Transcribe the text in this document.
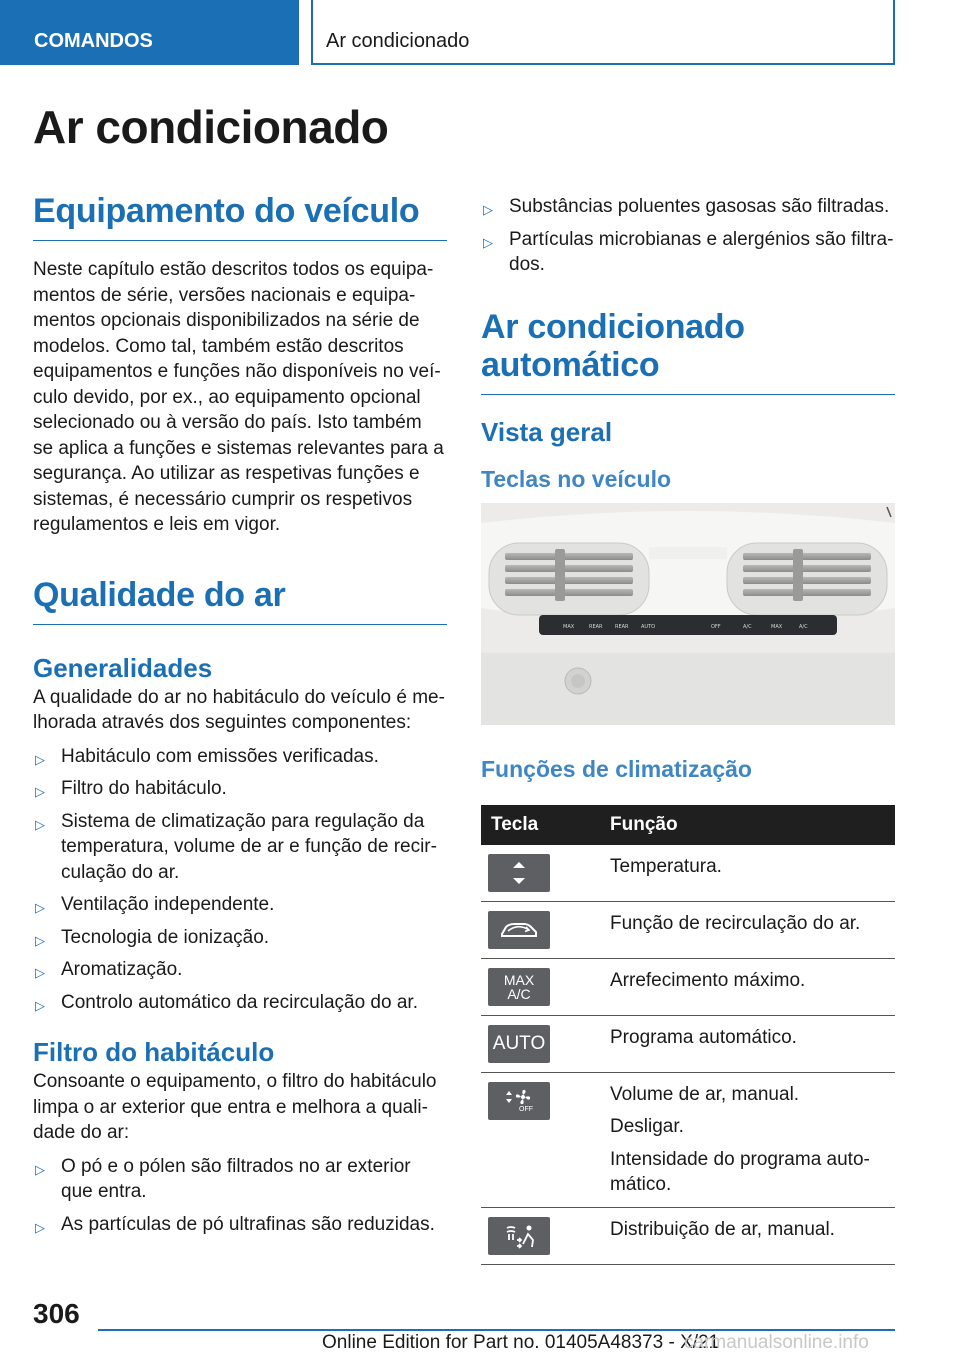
COMANDOS	Ar condicionado
Ar condicionado
Equipamento do veículo

Neste capítulo estão descritos todos os equipamentos de série, versões nacionais e equipamentos opcionais disponibilizados na série de modelos. Como tal, também estão descritos equipamentos e funções não disponíveis no veículo devido, por ex., ao equipamento opcional selecionado ou à versão do país. Isto também se aplica a funções e sistemas relevantes para a segurança. Ao utilizar as respetivas funções e sistemas, é necessário cumprir os respetivos regulamentos e leis em vigor.

Qualidade do ar
Generalidades

A qualidade do ar no habitáculo do veículo é melhorada através dos seguintes componentes:

▷ Habitáculo com emissões verificadas.
▷ Filtro do habitáculo.
▷ Sistema de climatização para regulação da temperatura, volume de ar e função de recirculação do ar.
▷ Ventilação independente.
▷ Tecnologia de ionização.
▷ Aromatização.
▷ Controlo automático da recirculação do ar.
Filtro do habitáculo

Consoante o equipamento, o filtro do habitáculo limpa o ar exterior que entra e melhora a qualidade do ar:

▷ O pó e o pólen são filtrados no ar exterior que entra.
▷ As partículas de pó ultrafinas são reduzidas.
▷ Substâncias poluentes gasosas são filtradas.
▷ Partículas microbianas e alergénios são filtrados.
Ar condicionado automático
Vista geral
Teclas no veículo
MAX	REAR REAR AUTO	OFF	A/C	MAX	A/C
Funções de climatização
Tecla	Função

Temperatura.

Função de recirculação do ar.

MAX
A/C	Arrefecimento máximo.

AUTO	Programa automático.

OFF	Volume de ar, manual.

Desligar.

Intensidade do programa automático.

Distribuição de ar, manual.

306
Online Edition for Part no. 01405A48373 - X/21
carmanualsonline.info
